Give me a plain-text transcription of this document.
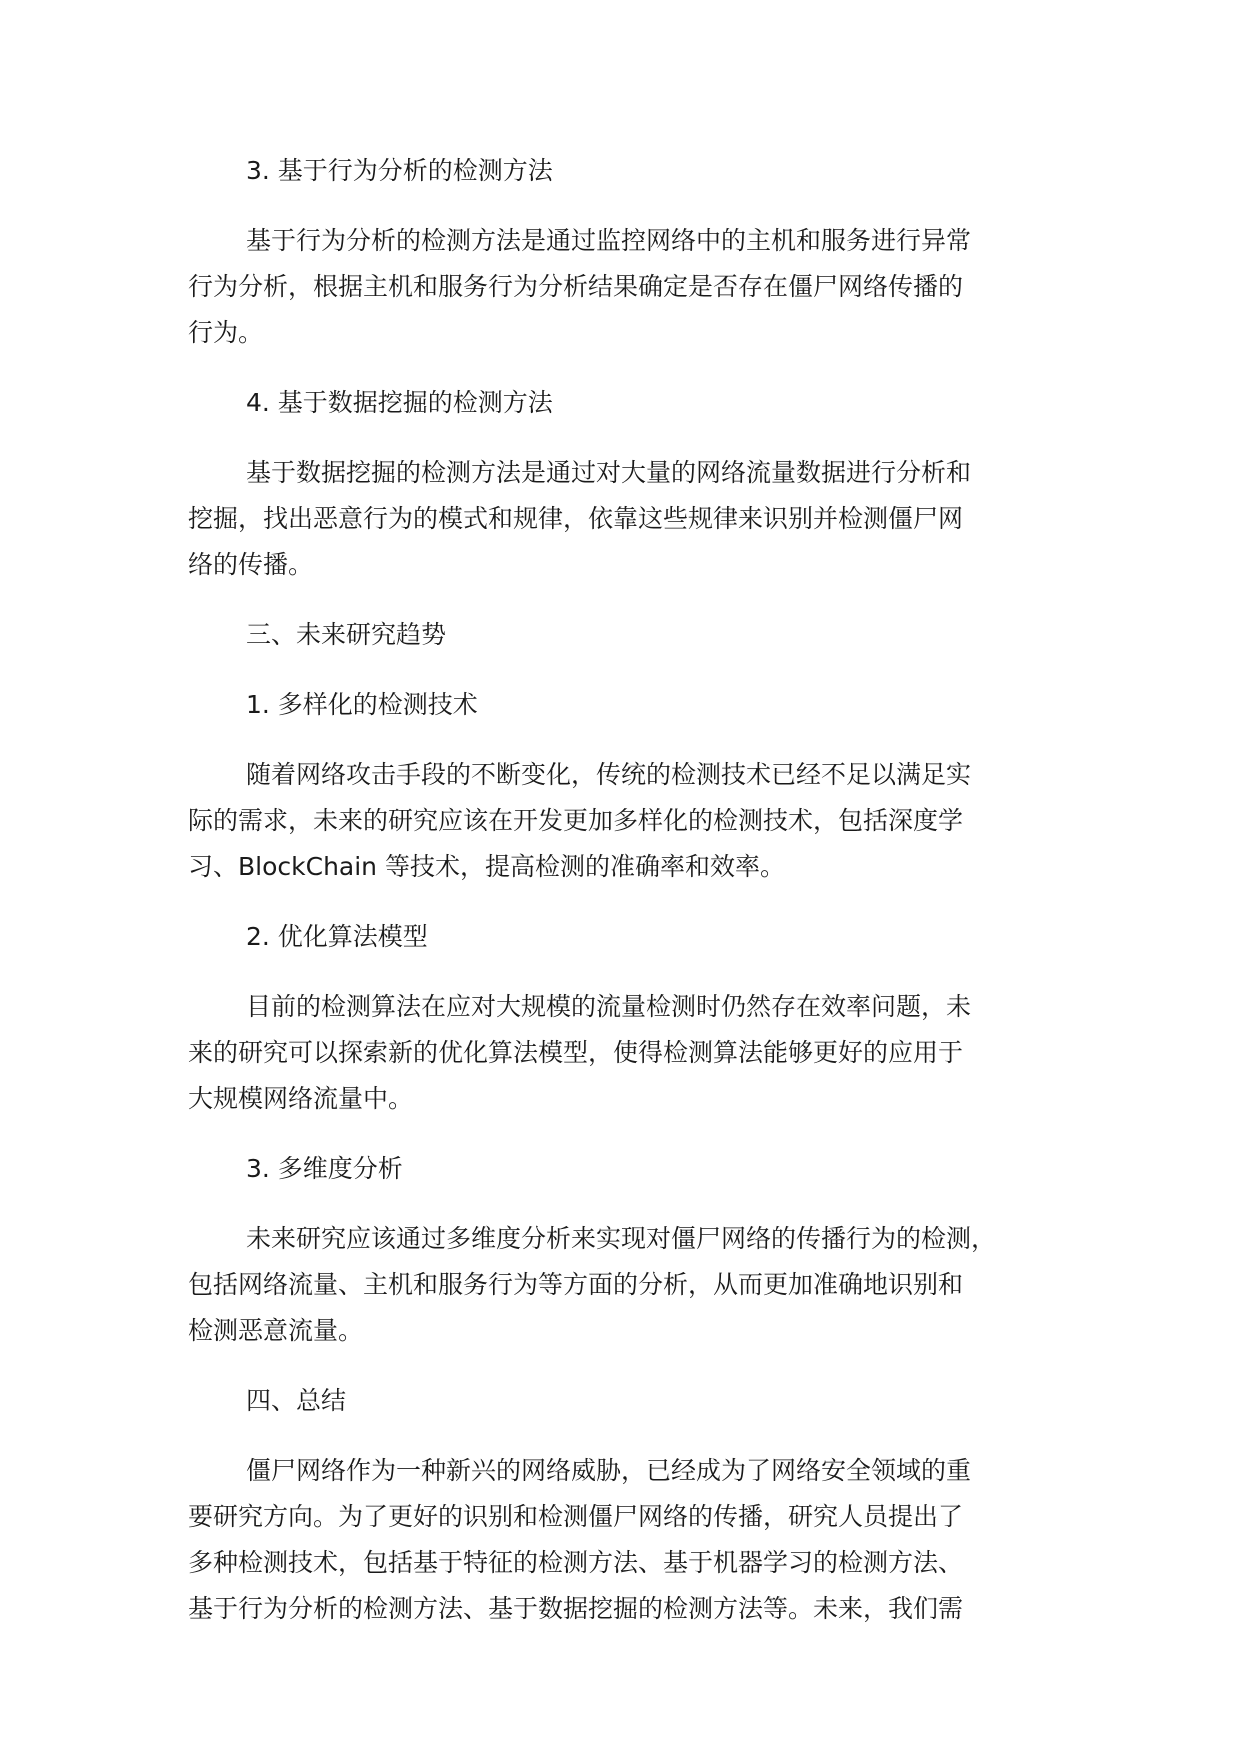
3. 基于行为分析的检测方法
基于行为分析的检测方法是通过监控网络中的主机和服务进行异常
行为分析，根据主机和服务行为分析结果确定是否存在僵尸网络传播的
行为。
4. 基于数据挖掘的检测方法
基于数据挖掘的检测方法是通过对大量的网络流量数据进行分析和
挖掘，找出恶意行为的模式和规律，依靠这些规律来识别并检测僵尸网
络的传播。
三、未来研究趋势
1. 多样化的检测技术
随着网络攻击手段的不断变化，传统的检测技术已经不足以满足实
际的需求，未来的研究应该在开发更加多样化的检测技术，包括深度学
习、BlockChain 等技术，提高检测的准确率和效率。
2. 优化算法模型
目前的检测算法在应对大规模的流量检测时仍然存在效率问题，未
来的研究可以探索新的优化算法模型，使得检测算法能够更好的应用于
大规模网络流量中。
3. 多维度分析
未来研究应该通过多维度分析来实现对僵尸网络的传播行为的检测，
包括网络流量、主机和服务行为等方面的分析，从而更加准确地识别和
检测恶意流量。
四、总结
僵尸网络作为一种新兴的网络威胁，已经成为了网络安全领域的重
要研究方向。为了更好的识别和检测僵尸网络的传播，研究人员提出了
多种检测技术，包括基于特征的检测方法、基于机器学习的检测方法、
基于行为分析的检测方法、基于数据挖掘的检测方法等。未来，我们需
